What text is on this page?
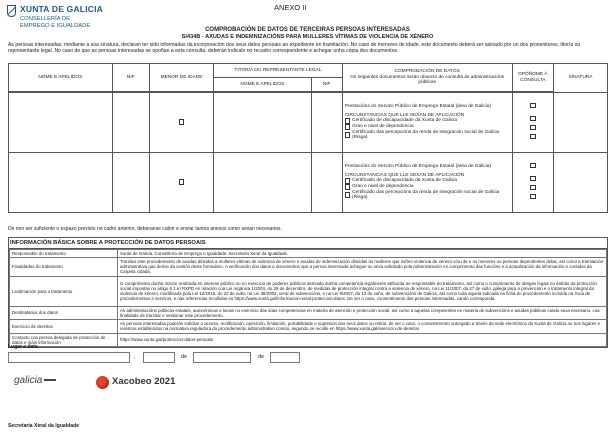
XUNTA DE GALICIA
CONSELLERÍA DE
EMPREGO E IGUALDADE
ANEXO II
COMPROBACIÓN DE DATOS DE TERCEIRAS PERSOAS INTERESADAS
SI434B - AXUDAS E INDEMNIZACIÓNS PARA MULLERES VÍTIMAS DE VIOLENCIA DE XÉNERO
As persoas interesadas, mediante a súa sinatura, declaran ter sido informadas da incorporación dos seus datos persoais ao expediente en tramitación. No caso de menores de idade, este documento deberá ser asinado por un dos proxenitores, titor/a ou representante legal. No caso de que as persoas interesadas se opoñan a esta consulta, deberán indicalo no recadro correspondente e achegar unha copia dos documentos.
NOME E APELIDOS	NIF	MENOR DE IDADE	TITOR/A OU REPRESENTANTE LEGAL		COMPROBACIÓN DE DATOS
Os seguintes documentos serán obxecto de consulta ás administracións públicas	OPÓÑOME Á CONSULTA	SINATURA
			NOME E APELIDOS	NIF			

					Prestacións do Servizo Público de Emprego Estatal (área de Galicia)
CIRCUNSTANCIAS QUE LLE SEXAN DE APLICACIÓN
Certificado de discapacidade da Xunta de Galicia
Grao e nivel de dependencia
Certificado das percepcións da renda de integración social de Galicia (Risga)		

					Prestacións do Servizo Público de Emprego Estatal (área de Galicia)
CIRCUNSTANCIAS QUE LLE SEXAN DE APLICACIÓN
Certificado de discapacidade da Xunta de Galicia
Grao e nivel de dependencia
Certificado das percepcións da renda de integración social de Galicia (Risga)		

De non ser suficiente o espazo previsto no cadro anterior, deberanse cubrir e enviar tantos anexos como sexan necesarios.
INFORMACIÓN BÁSICA SOBRE A PROTECCIÓN DE DATOS PERSOAIS
Responsable do tratamento	Xunta de Galicia. Consellería de Emprego e Igualdade. Secretaría Xeral da Igualdade.
Finalidades do tratamento	Tramitar este procedemento de axudas dirixidas a mulleres vítimas de violencia de xénero e axudas de indemnización dirixidas ás mulleres que sofren violencia de xénero e/ou ás e os menores ou persoas dependentes delas, así como a tramitación administrativa que derive da xestión deste formulario. A verificación dos datos e documentos que a persoa interesada achegue ou sexa solicitado pola Administración en cumprimento das funcións e a actualización da información e contidos da Carpeta cidadá.
Lexitimación para o tratamento	O cumprimento dunha misión realizada en interese público ou no exercicio de poderes públicos derivada dunha competencia legalmente atribuída ao responsable do tratamento, así como o cumprimento de obrigas legais no ámbito da protección social impostas no artigo 6.1.e) RXPD en relación coa Lei orgánica 1/2004, do 28 de decembro, de medidas de protección integral contra a violencia de xénero, na Lei 11/2007, do 27 de xullo, galega para a prevención e o tratamento integral da violencia de xénero, modificada pola Lei 12/2016, do 22 de xullo, na Lei 38/2003, xeral de subvencións, e na Lei 9/2007, do 13 de xuño, de subvencións de Galicia, así como toda aquela indicada na ficha do procedemento incluída na Guía de procedementos e servizos, e nas referencias recollidas en https://www.xunta.gal/informacion-xeral-proteccion-datos. De ser o caso, consentimento das persoas interesadas, cando corresponda.
Destinatarios dos datos	As administracións públicas estatais, autonómicas e locais no exercicio das súas competencias en materia de atención e protección social, así como a aquelas competentes en materia de subvencións e axudas públicas cando sexa necesario, coa finalidade de tramitar e xestionar este procedemento.
Exercicio de dereitos	As persoas interesadas poderán solicitar o acceso, rectificación, oposición, limitación, portabilidade e supresión dos seus datos ou retirar, de ser o caso, o consentimento outorgado a través da sede electrónica da Xunta de Galicia ou nos lugares e rexistros establecidos na normativa reguladora do procedemento administrativo común, segundo se recolle en https://www.xunta.gal/exercicio-de-dereitos
Contacto coa persoa delegada de protección de datos e máis información	https://www.xunta.gal/proteccion-datos-persoais
Lugar e data
,	de	de
galicia	Xacobeo 2021
Secretaría Xeral da Igualdade
